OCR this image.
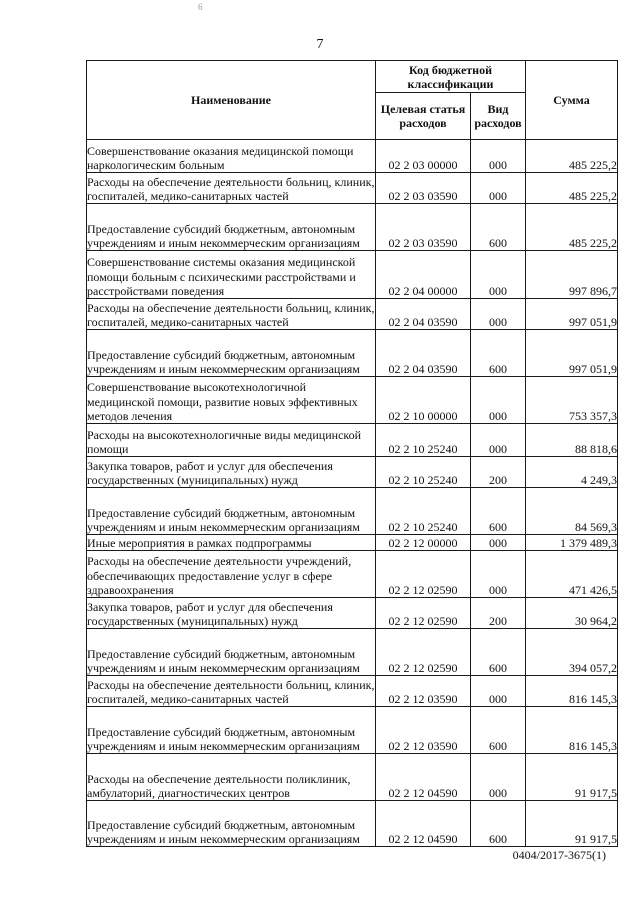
6
7
Наименование	Код бюджетной классификации		Сумма
	Целевая статья расходов	Вид расходов	
Совершенствование оказания медицинской помощи наркологическим больным	02 2 03 00000	000	485 225,2
Расходы на обеспечение деятельности больниц, клиник, госпиталей, медико-санитарных частей	02 2 03 03590	000	485 225,2
Предоставление субсидий бюджетным, автономным учреждениям и иным некоммерческим организациям	02 2 03 03590	600	485 225,2
Совершенствование системы оказания медицинской помощи больным с психическими расстройствами и расстройствами поведения	02 2 04 00000	000	997 896,7
Расходы на обеспечение деятельности больниц, клиник, госпиталей, медико-санитарных частей	02 2 04 03590	000	997 051,9
Предоставление субсидий бюджетным, автономным учреждениям и иным некоммерческим организациям	02 2 04 03590	600	997 051,9
Совершенствование высокотехнологичной медицинской помощи, развитие новых эффективных методов лечения	02 2 10 00000	000	753 357,3
Расходы на высокотехнологичные виды медицинской помощи	02 2 10 25240	000	88 818,6
Закупка товаров, работ и услуг для обеспечения государственных (муниципальных) нужд	02 2 10 25240	200	4 249,3
Предоставление субсидий бюджетным, автономным учреждениям и иным некоммерческим организациям	02 2 10 25240	600	84 569,3
Иные мероприятия в рамках подпрограммы	02 2 12 00000	000	1 379 489,3
Расходы на обеспечение деятельности учреждений, обеспечивающих предоставление услуг в сфере здравоохранения	02 2 12 02590	000	471 426,5
Закупка товаров, работ и услуг для обеспечения государственных (муниципальных) нужд	02 2 12 02590	200	30 964,2
Предоставление субсидий бюджетным, автономным учреждениям и иным некоммерческим организациям	02 2 12 02590	600	394 057,2
Расходы на обеспечение деятельности больниц, клиник, госпиталей, медико-санитарных частей	02 2 12 03590	000	816 145,3
Предоставление субсидий бюджетным, автономным учреждениям и иным некоммерческим организациям	02 2 12 03590	600	816 145,3
Расходы на обеспечение деятельности поликлиник, амбулаторий, диагностических центров	02 2 12 04590	000	91 917,5
Предоставление субсидий бюджетным, автономным учреждениям и иным некоммерческим организациям	02 2 12 04590	600	91 917,5
0404/2017-3675(1)
